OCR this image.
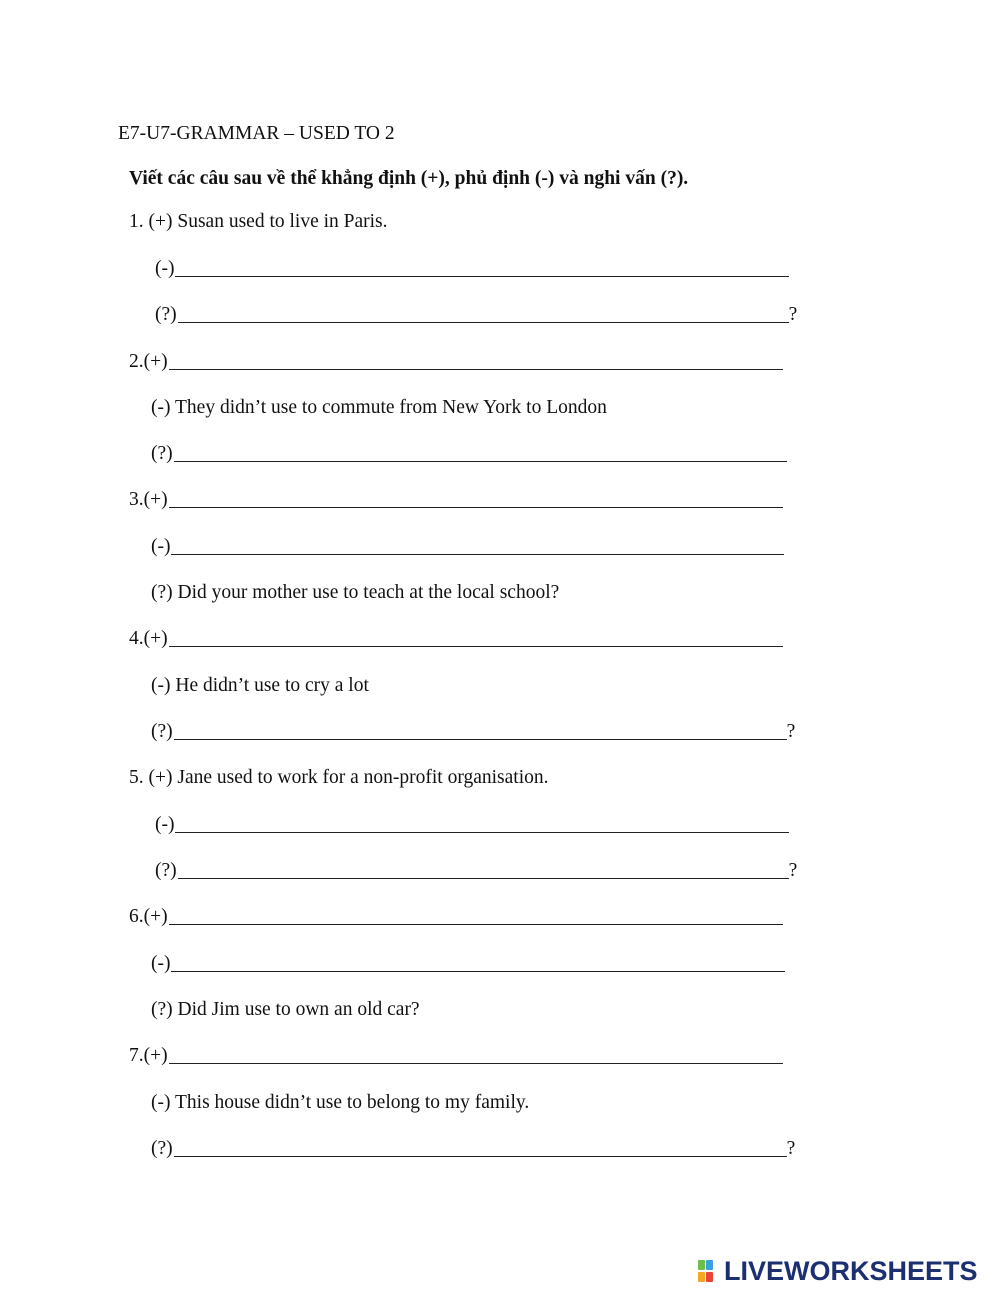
E7-U7-GRAMMAR – USED TO 2
Viết các câu sau về thể khẳng định (+), phủ định (-) và nghi vấn (?).
1. (+) Susan used to live in Paris.
(-)
(?)	?
2. (+)
(-) They didn’t use to commute from New York to London
(?)
3. (+)
(-)
(?) Did your mother use to teach at the local school?
4. (+)
(-) He didn’t use to cry a lot
(?)	?
5. (+) Jane used to work for a non-profit organisation.
(-)
(?)	?
6. (+)
(-)
(?) Did Jim use to own an old car?
7. (+)
(-) This house didn’t use to belong to my family.
(?)	?
LIVEWORKSHEETS
